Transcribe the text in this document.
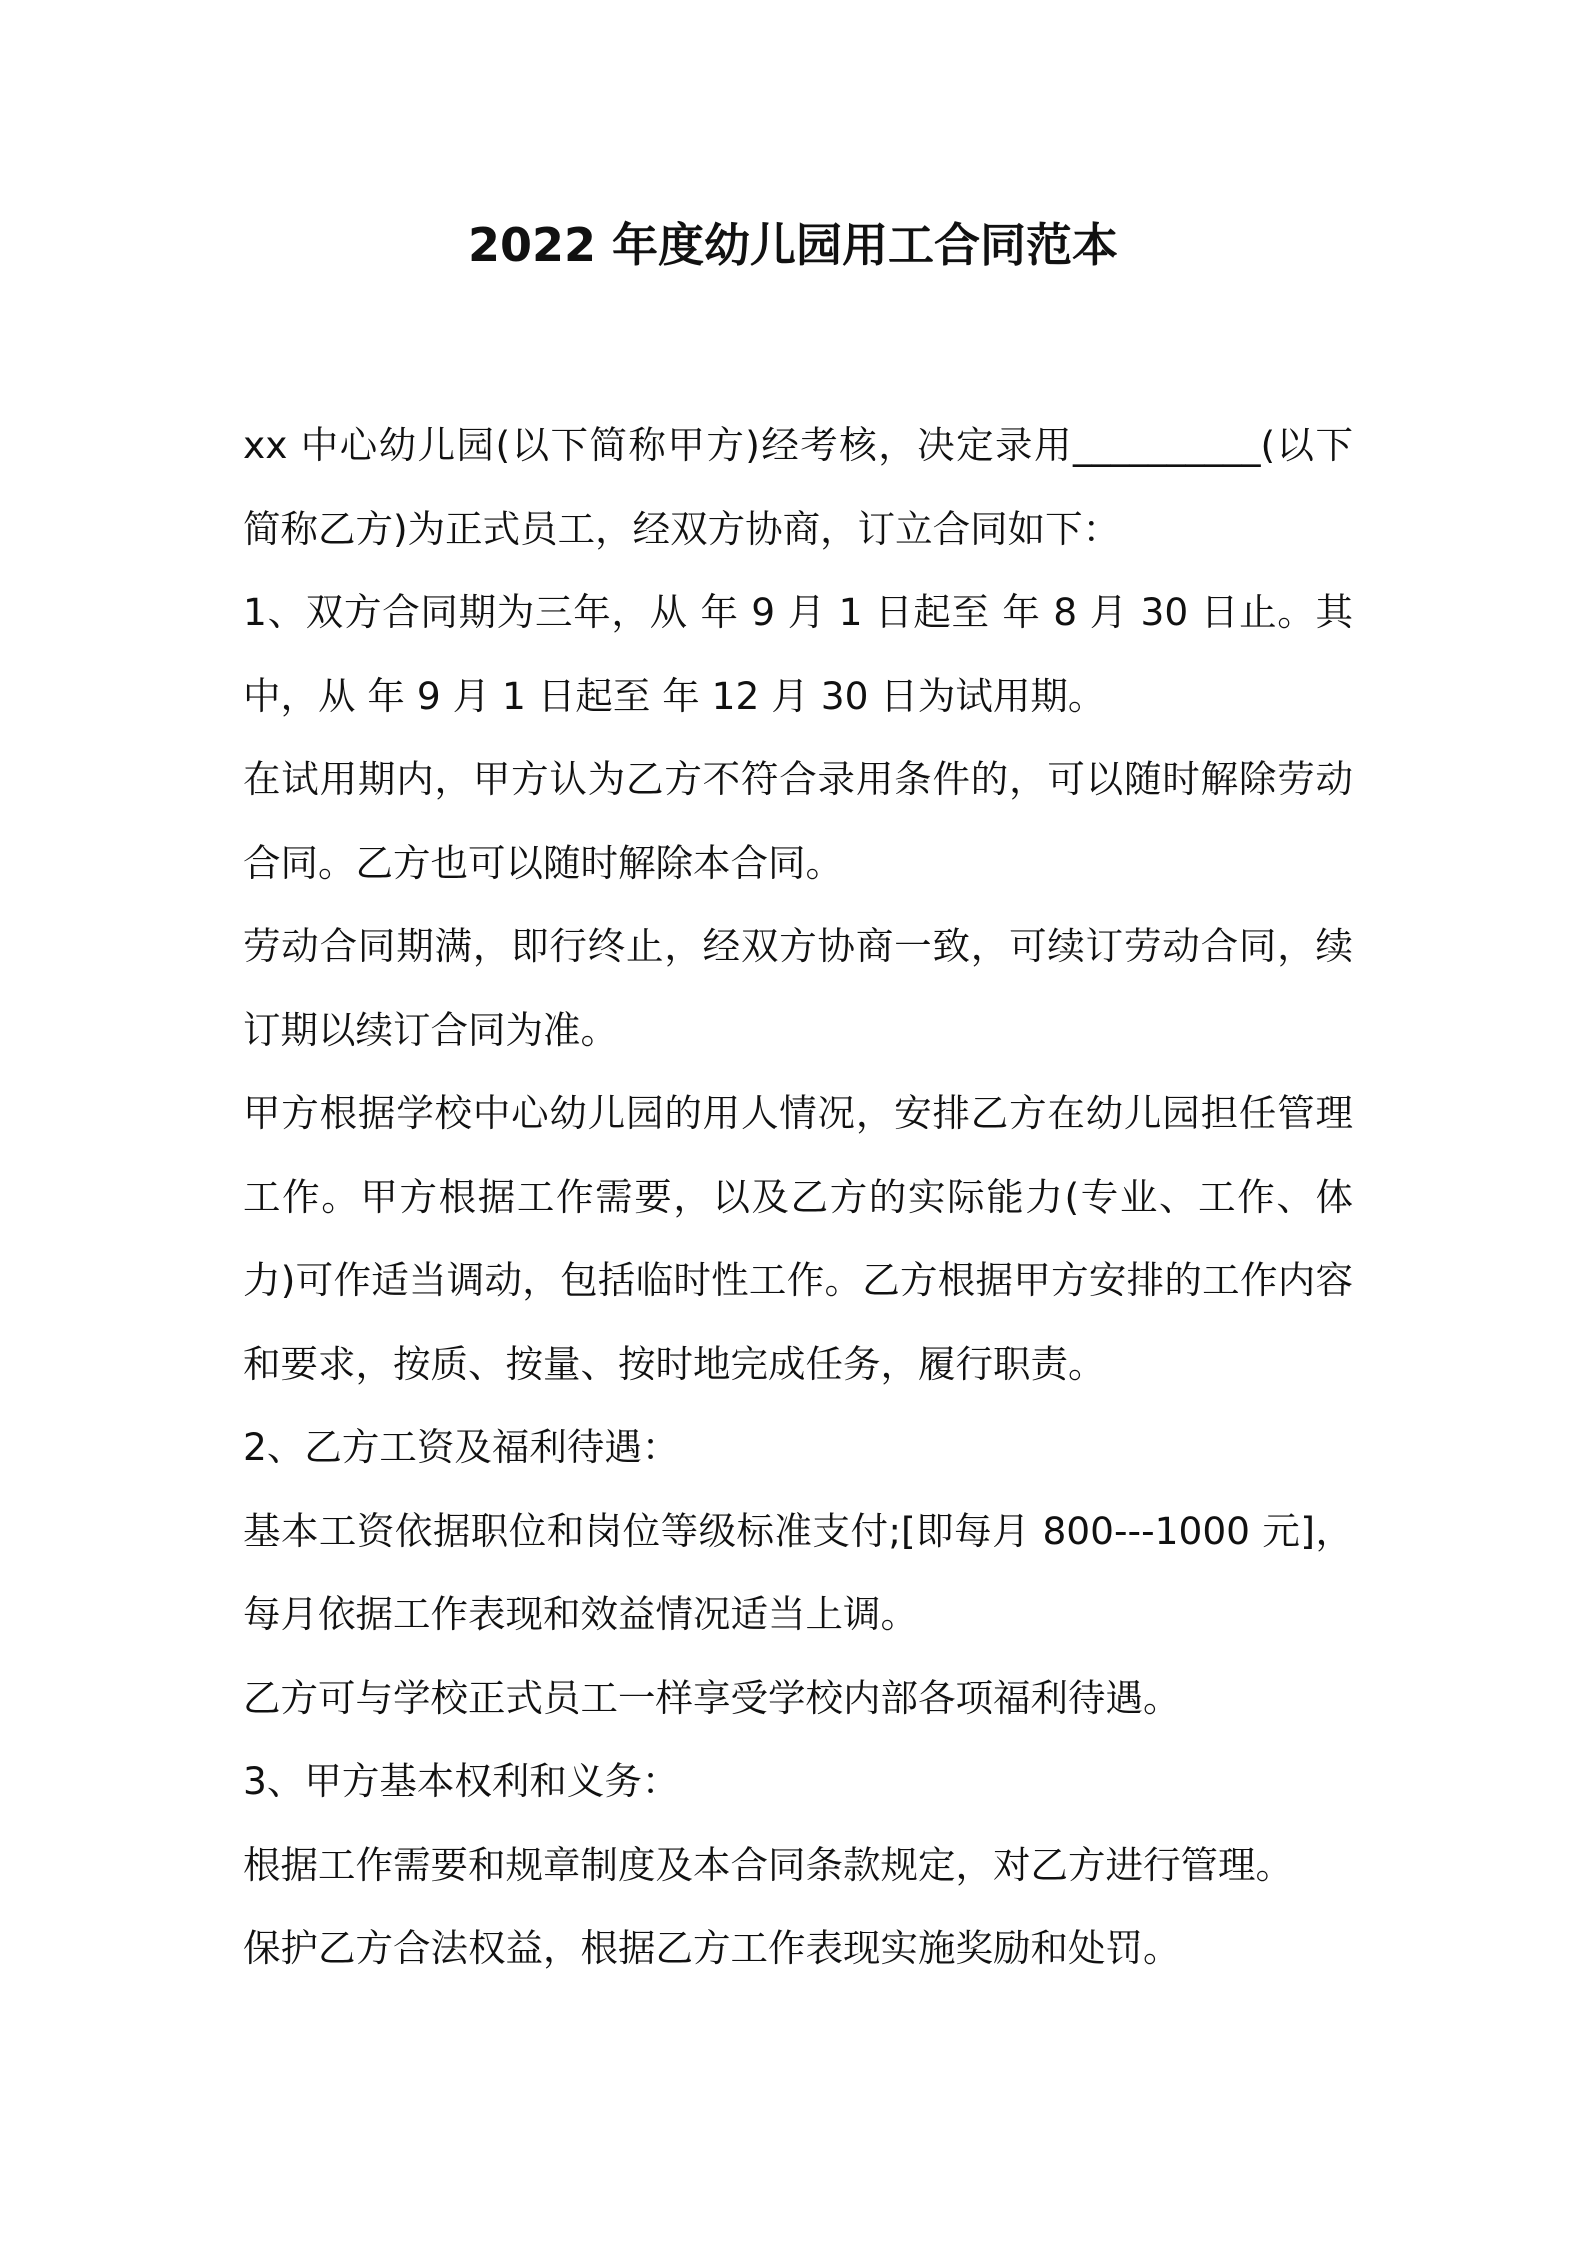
2022 年度幼儿园用工合同范本

xx 中心幼儿园(以下简称甲方)经考核，决定录用__________(以下简称乙方)为正式员工，经双方协商，订立合同如下：

1、双方合同期为三年，从 年 9 月 1 日起至 年 8 月 30 日止。其中，从 年 9 月 1 日起至 年 12 月 30 日为试用期。

在试用期内，甲方认为乙方不符合录用条件的，可以随时解除劳动合同。乙方也可以随时解除本合同。

劳动合同期满，即行终止，经双方协商一致，可续订劳动合同，续订期以续订合同为准。

甲方根据学校中心幼儿园的用人情况，安排乙方在幼儿园担任管理工作。甲方根据工作需要，以及乙方的实际能力(专业、工作、体力)可作适当调动，包括临时性工作。乙方根据甲方安排的工作内容和要求，按质、按量、按时地完成任务，履行职责。

2、乙方工资及福利待遇：

基本工资依据职位和岗位等级标准支付;[即每月 800---1000 元]，每月依据工作表现和效益情况适当上调。

乙方可与学校正式员工一样享受学校内部各项福利待遇。

3、甲方基本权利和义务：

根据工作需要和规章制度及本合同条款规定，对乙方进行管理。

保护乙方合法权益，根据乙方工作表现实施奖励和处罚。
